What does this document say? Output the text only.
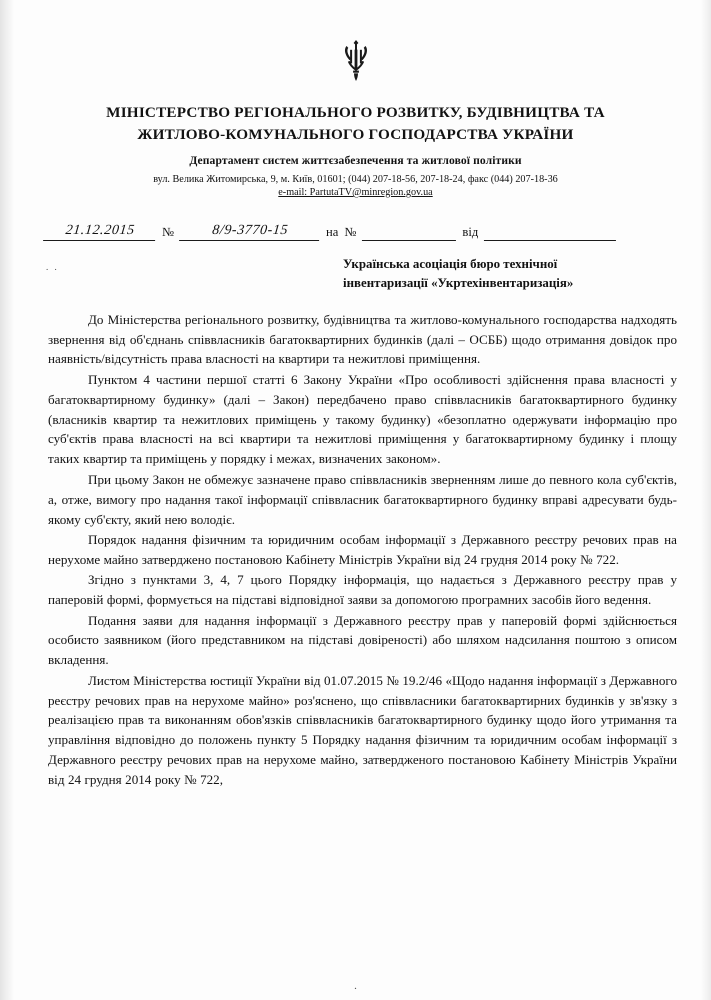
МІНІСТЕРСТВО РЕГІОНАЛЬНОГО РОЗВИТКУ, БУДІВНИЦТВА ТА ЖИТЛОВО-КОМУНАЛЬНОГО ГОСПОДАРСТВА УКРАЇНИ
Департамент систем життєзабезпечення та житлової політики
вул. Велика Житомирська, 9, м. Київ, 01601; (044) 207-18-56, 207-18-24, факс (044) 207-18-36
e-mail: PartutaTV@minregion.gov.ua
21.12.2015	№	8/9-3770-15	на №	від
. .	Українська асоціація бюро технічної
інвентаризації «Укртехінвентаризація»

До Міністерства регіонального розвитку, будівництва та житлово-комунального господарства надходять звернення від об'єднань співвласників багатоквартирних будинків (далі – ОСББ) щодо отримання довідок про наявність/відсутність права власності на квартири та нежитлові приміщення.

Пунктом 4 частини першої статті 6 Закону України «Про особливості здійснення права власності у багатоквартирному будинку» (далі – Закон) передбачено право співвласників багатоквартирного будинку (власників квартир та нежитлових приміщень у такому будинку) «безоплатно одержувати інформацію про суб'єктів права власності на всі квартири та нежитлові приміщення у багатоквартирному будинку і площу таких квартир та приміщень у порядку і межах, визначених законом».

При цьому Закон не обмежує зазначене право співвласників зверненням лише до певного кола суб'єктів, а, отже, вимогу про надання такої інформації співвласник багатоквартирного будинку вправі адресувати будь-якому суб'єкту, який нею володіє.

Порядок надання фізичним та юридичним особам інформації з Державного реєстру речових прав на нерухоме майно затверджено постановою Кабінету Міністрів України від 24 грудня 2014 року № 722.

Згідно з пунктами 3, 4, 7 цього Порядку інформація, що надається з Державного реєстру прав у паперовій формі, формується на підставі відповідної заяви за допомогою програмних засобів його ведення.

Подання заяви для надання інформації з Державного реєстру прав у паперовій формі здійснюється особисто заявником (його представником на підставі довіреності) або шляхом надсилання поштою з описом вкладення.

Листом Міністерства юстиції України від 01.07.2015 № 19.2/46 «Щодо надання інформації з Державного реєстру речових прав на нерухоме майно» роз'яснено, що співвласники багатоквартирних будинків у зв'язку з реалізацією прав та виконанням обов'язків співвласників багатоквартирного будинку щодо його утримання та управління відповідно до положень пункту 5 Порядку надання фізичним та юридичним особам інформації з Державного реєстру речових прав на нерухоме майно, затвердженого постановою Кабінету Міністрів України від 24 грудня 2014 року № 722,

.
